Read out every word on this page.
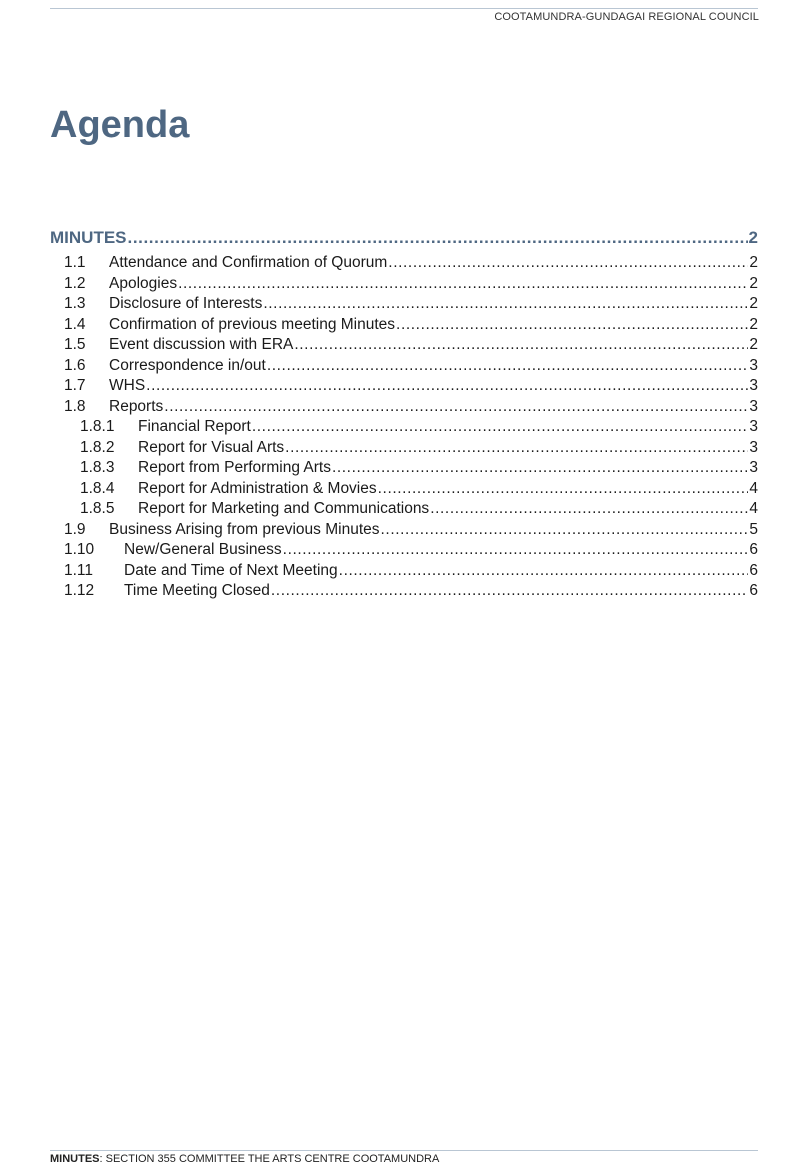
COOTAMUNDRA-GUNDAGAI REGIONAL COUNCIL
Agenda
MINUTES .....	2
1.1	Attendance and Confirmation of Quorum .....	2
1.2	Apologies .....	2
1.3	Disclosure of Interests .....	2
1.4	Confirmation of previous meeting Minutes .....	2
1.5	Event discussion with ERA .....	2
1.6	Correspondence in/out .....	3
1.7	WHS .....	3
1.8	Reports .....	3
1.8.1	Financial Report .....	3
1.8.2	Report for Visual Arts .....	3
1.8.3	Report from Performing Arts .....	3
1.8.4	Report for Administration & Movies .....	4
1.8.5	Report for Marketing and Communications .....	4
1.9	Business Arising from previous Minutes .....	5
1.10	New/General Business .....	6
1.11	Date and Time of Next Meeting .....	6
1.12	Time Meeting Closed .....	6
MINUTES: SECTION 355 COMMITTEE THE ARTS CENTRE COOTAMUNDRA
